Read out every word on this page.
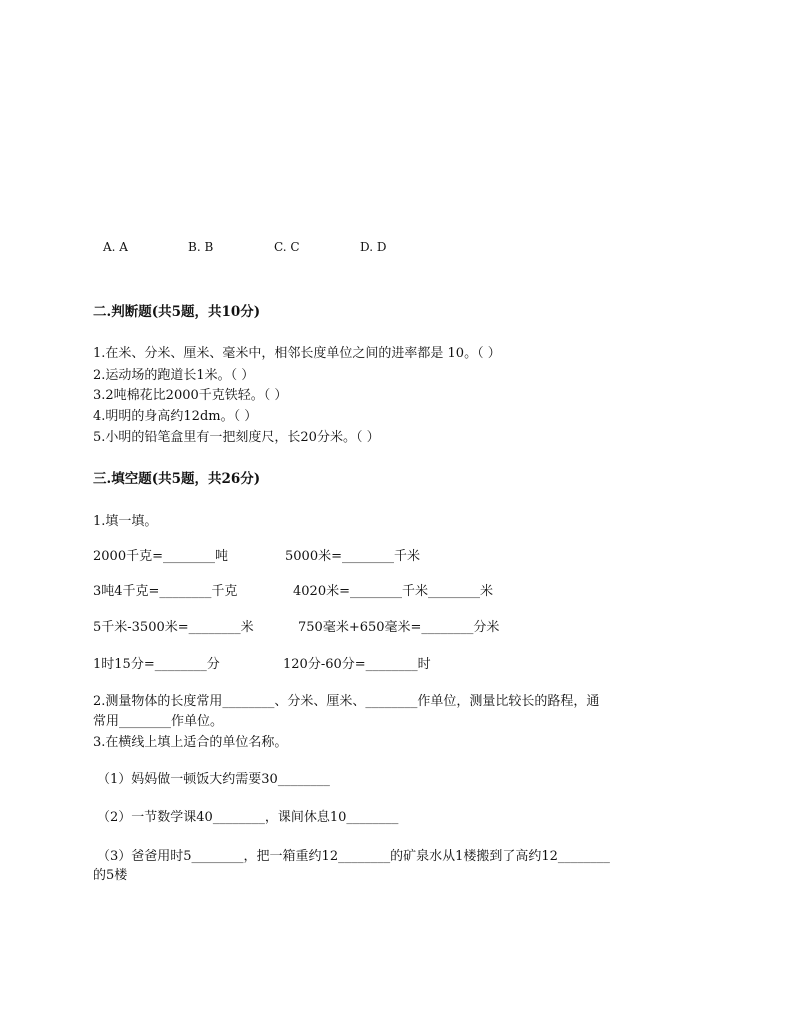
A. A	B. B	C. C	D. D
二.判断题(共5题，共10分)
1.在米、分米、厘米、毫米中，相邻长度单位之间的进率都是 10。（ ）
2.运动场的跑道长1米。（ ）
3.2吨棉花比2000千克铁轻。（ ）
4.明明的身高约12dm。（ ）
5.小明的铅笔盒里有一把刻度尺，长20分米。（ ）
三.填空题(共5题，共26分)
1.填一填。
2000千克=________吨	5000米=________千米
3吨4千克=________千克	4020米=________千米________米
5千米-3500米=________米	750毫米+650毫米=________分米
1时15分=________分	120分-60分=________时
2.测量物体的长度常用________、分米、厘米、________作单位，测量比较长的路程，通
常用________作单位。
3.在横线上填上适合的单位名称。
（1）妈妈做一顿饭大约需要30________
（2）一节数学课40________，课间休息10________
（3）爸爸用时5________，把一箱重约12________的矿泉水从1楼搬到了高约12________
的5楼
